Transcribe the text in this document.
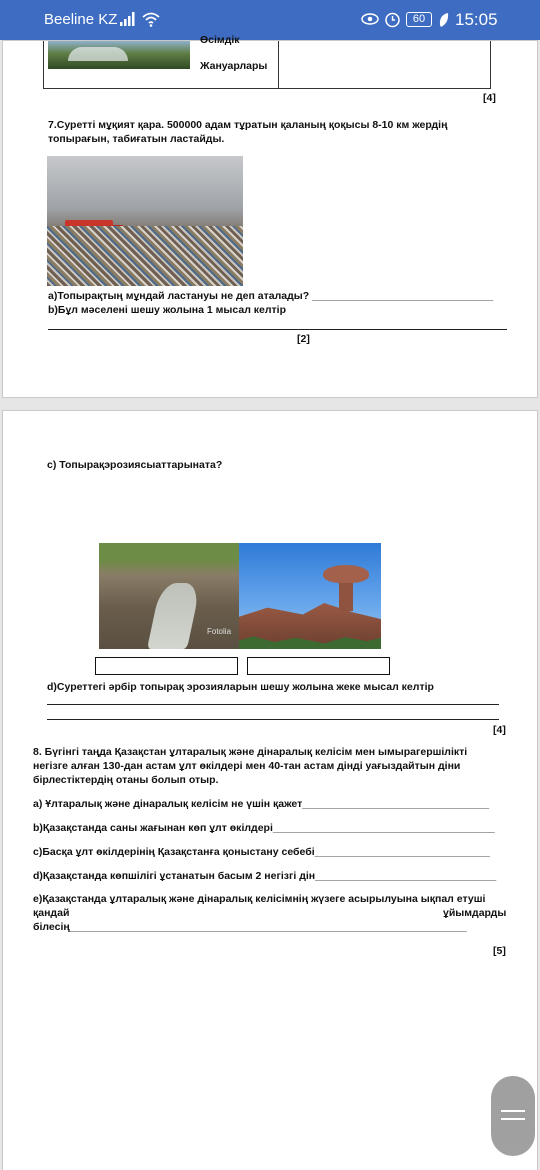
Beeline KZ	60	15:05
Өсімдік
Жануарлары
[4]
7.Суретті мұқият қара. 500000 адам тұратын қаланың қоқысы 8-10 км жердің
топырағын, табиғатын ластайды.
а)Топырақтың мұндай ластануы не деп аталады? _______________________________
b)Бұл мәселені шешу жолына 1 мысал келтір
[2]
c) Топырақэрозиясыаттарыната?
Fotolia
d)Суреттегі әрбір топырақ эрозияларын шешу жолына жеке мысал келтір
[4]
8. Бүгінгі таңда Қазақстан ұлтаралық және дінаралық келісім мен ымырагершілікті
негізге алған 130-дан астам ұлт өкілдері мен 40-тан астам дінді уағыздайтын діни
бірлестіктердің отаны болып отыр.
а) Ұлтаралық және дінаралық келісім не үшін қажет________________________________
b)Қазақстанда саны жағынан көп ұлт өкілдері______________________________________
с)Басқа ұлт өкілдерінің Қазақстанға қоныстану себебі______________________________
d)Қазақстанда көпшілігі ұстанатын басым 2 негізгі дін_______________________________
е)Қазақстанда ұлтаралық және дінаралық келісімнің жүзеге асырылуына ықпал етуші
қандай	ұйымдарды
білесің____________________________________________________________________
[5]
